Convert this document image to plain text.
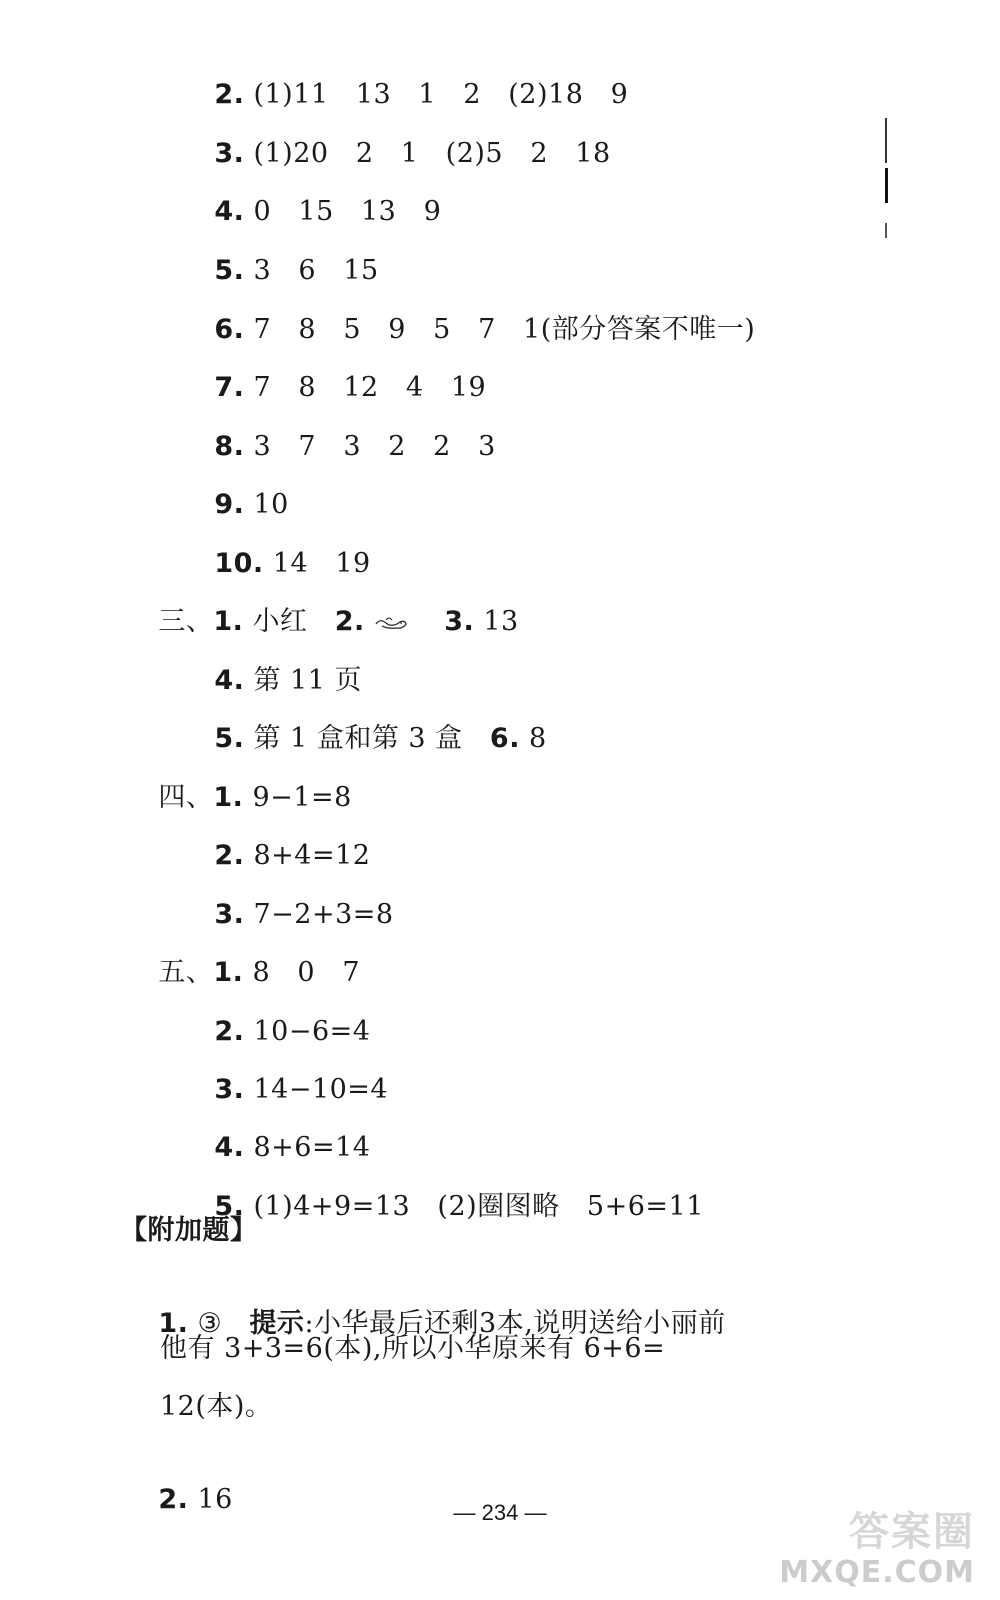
2. (1)11   13   1   2   (2)18   9

3. (1)20   2   1   (2)5   2   18

4. 0   15   13   9

5. 3   6   15

6. 7   8   5   9   5   7   1(部分答案不唯一)

7. 7   8   12   4   19

8. 3   7   3   2   2   3

9. 10

10. 14   19

三、1. 小红   2.	3. 13

4. 第 11 页

5. 第 1 盒和第 3 盒   6. 8

四、1. 9−1=8

2. 8+4=12

3. 7−2+3=8

五、1. 8   0   7

2. 10−6=4

3. 14−10=4

4. 8+6=14

5. (1)4+9=13   (2)圈图略   5+6=11

【附加题】

1. ③   提示:小华最后还剩3本,说明送给小丽前

他有 3+3=6(本),所以小华原来有 6+6=
12(本)。

2. 16
	— 234 —	答案圈
MXQE.COM
